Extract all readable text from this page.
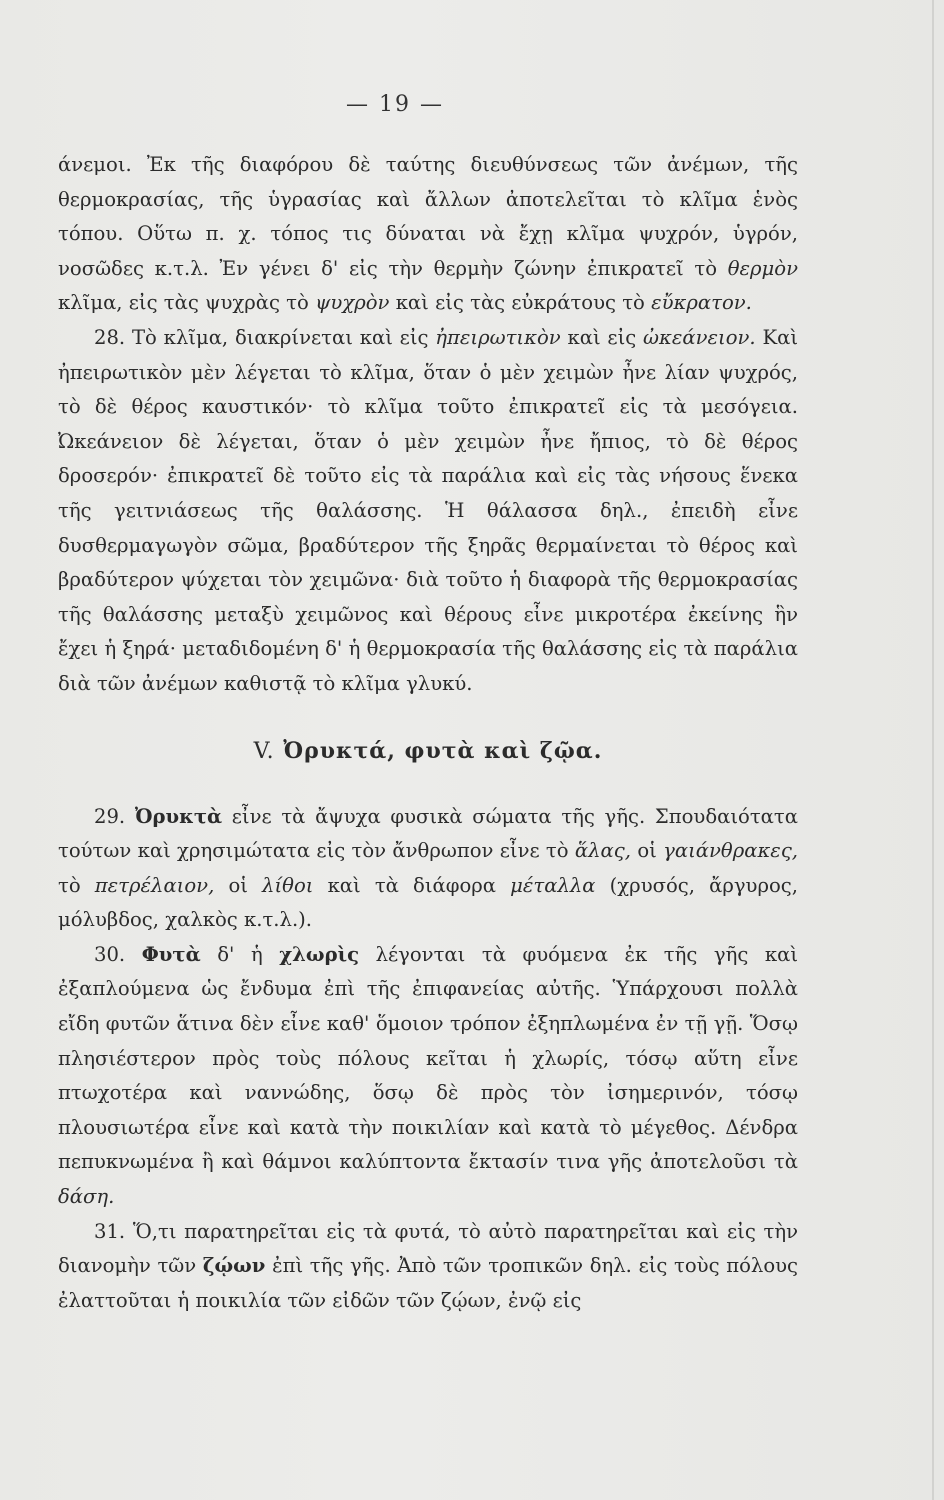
— 19 —

άνεμοι. Ἐκ τῆς διαφόρου δὲ ταύτης διευθύνσεως τῶν ἀνέμων, τῆς θερμοκρασίας, τῆς ὑγρασίας καὶ ἄλλων ἀποτελεῖται τὸ κλῖμα ἑνὸς τόπου. Οὕτω π. χ. τόπος τις δύναται νὰ ἔχῃ κλῖμα ψυχρόν, ὑγρόν, νοσῶδες κ.τ.λ. Ἐν γένει δ' εἰς τὴν θερμὴν ζώνην ἐπικρατεῖ τὸ θερμὸν κλῖμα, εἰς τὰς ψυχρὰς τὸ ψυχρὸν καὶ εἰς τὰς εὐκράτους τὸ εὔκρατον.

28. Τὸ κλῖμα, διακρίνεται καὶ εἰς ἠπειρωτικὸν καὶ εἰς ὠκεάνειον. Καὶ ἠπειρωτικὸν μὲν λέγεται τὸ κλῖμα, ὅταν ὁ μὲν χειμὼν ἦνε λίαν ψυχρός, τὸ δὲ θέρος καυστικόν· τὸ κλῖμα τοῦτο ἐπικρατεῖ εἰς τὰ μεσόγεια. Ὠκεάνειον δὲ λέγεται, ὅταν ὁ μὲν χειμὼν ἦνε ἤπιος, τὸ δὲ θέρος δροσερόν· ἐπικρατεῖ δὲ τοῦτο εἰς τὰ παράλια καὶ εἰς τὰς νήσους ἕνεκα τῆς γειτνιάσεως τῆς θαλάσσης. Ἡ θάλασσα δηλ., ἐπειδὴ εἶνε δυσθερμαγωγὸν σῶμα, βραδύτερον τῆς ξηρᾶς θερμαίνεται τὸ θέρος καὶ βραδύτερον ψύχεται τὸν χειμῶνα· διὰ τοῦτο ἡ διαφορὰ τῆς θερμοκρασίας τῆς θαλάσσης μεταξὺ χειμῶνος καὶ θέρους εἶνε μικροτέρα ἐκείνης ἣν ἔχει ἡ ξηρά· μεταδιδομένη δ' ἡ θερμοκρασία τῆς θαλάσσης εἰς τὰ παράλια διὰ τῶν ἀνέμων καθιστᾷ τὸ κλῖμα γλυκύ.

V. Ὀρυκτά, φυτὰ καὶ ζῷα.

29. Ὀρυκτὰ εἶνε τὰ ἄψυχα φυσικὰ σώματα τῆς γῆς. Σπουδαιότατα τούτων καὶ χρησιμώτατα εἰς τὸν ἄνθρωπον εἶνε τὸ ἅλας, οἱ γαιάνθρακες, τὸ πετρέλαιον, οἱ λίθοι καὶ τὰ διάφορα μέταλλα (χρυσός, ἄργυρος, μόλυβδος, χαλκὸς κ.τ.λ.).

30. Φυτὰ δ' ἡ χλωρὶς λέγονται τὰ φυόμενα ἐκ τῆς γῆς καὶ ἐξαπλούμενα ὡς ἔνδυμα ἐπὶ τῆς ἐπιφανείας αὐτῆς. Ὑπάρχουσι πολλὰ εἴδη φυτῶν ἅτινα δὲν εἶνε καθ' ὅμοιον τρόπον ἐξηπλωμένα ἐν τῇ γῇ. Ὅσῳ πλησιέστερον πρὸς τοὺς πόλους κεῖται ἡ χλωρίς, τόσῳ αὕτη εἶνε πτωχοτέρα καὶ ναννώδης, ὅσῳ δὲ πρὸς τὸν ἰσημερινόν, τόσῳ πλουσιωτέρα εἶνε καὶ κατὰ τὴν ποικιλίαν καὶ κατὰ τὸ μέγεθος. Δένδρα πεπυκνωμένα ἢ καὶ θάμνοι καλύπτοντα ἔκτασίν τινα γῆς ἀποτελοῦσι τὰ δάση.

31. Ὅ,τι παρατηρεῖται εἰς τὰ φυτά, τὸ αὐτὸ παρατηρεῖται καὶ εἰς τὴν διανομὴν τῶν ζῴων ἐπὶ τῆς γῆς. Ἀπὸ τῶν τροπικῶν δηλ. εἰς τοὺς πόλους ἐλαττοῦται ἡ ποικιλία τῶν εἰδῶν τῶν ζῴων, ἐνῷ εἰς
